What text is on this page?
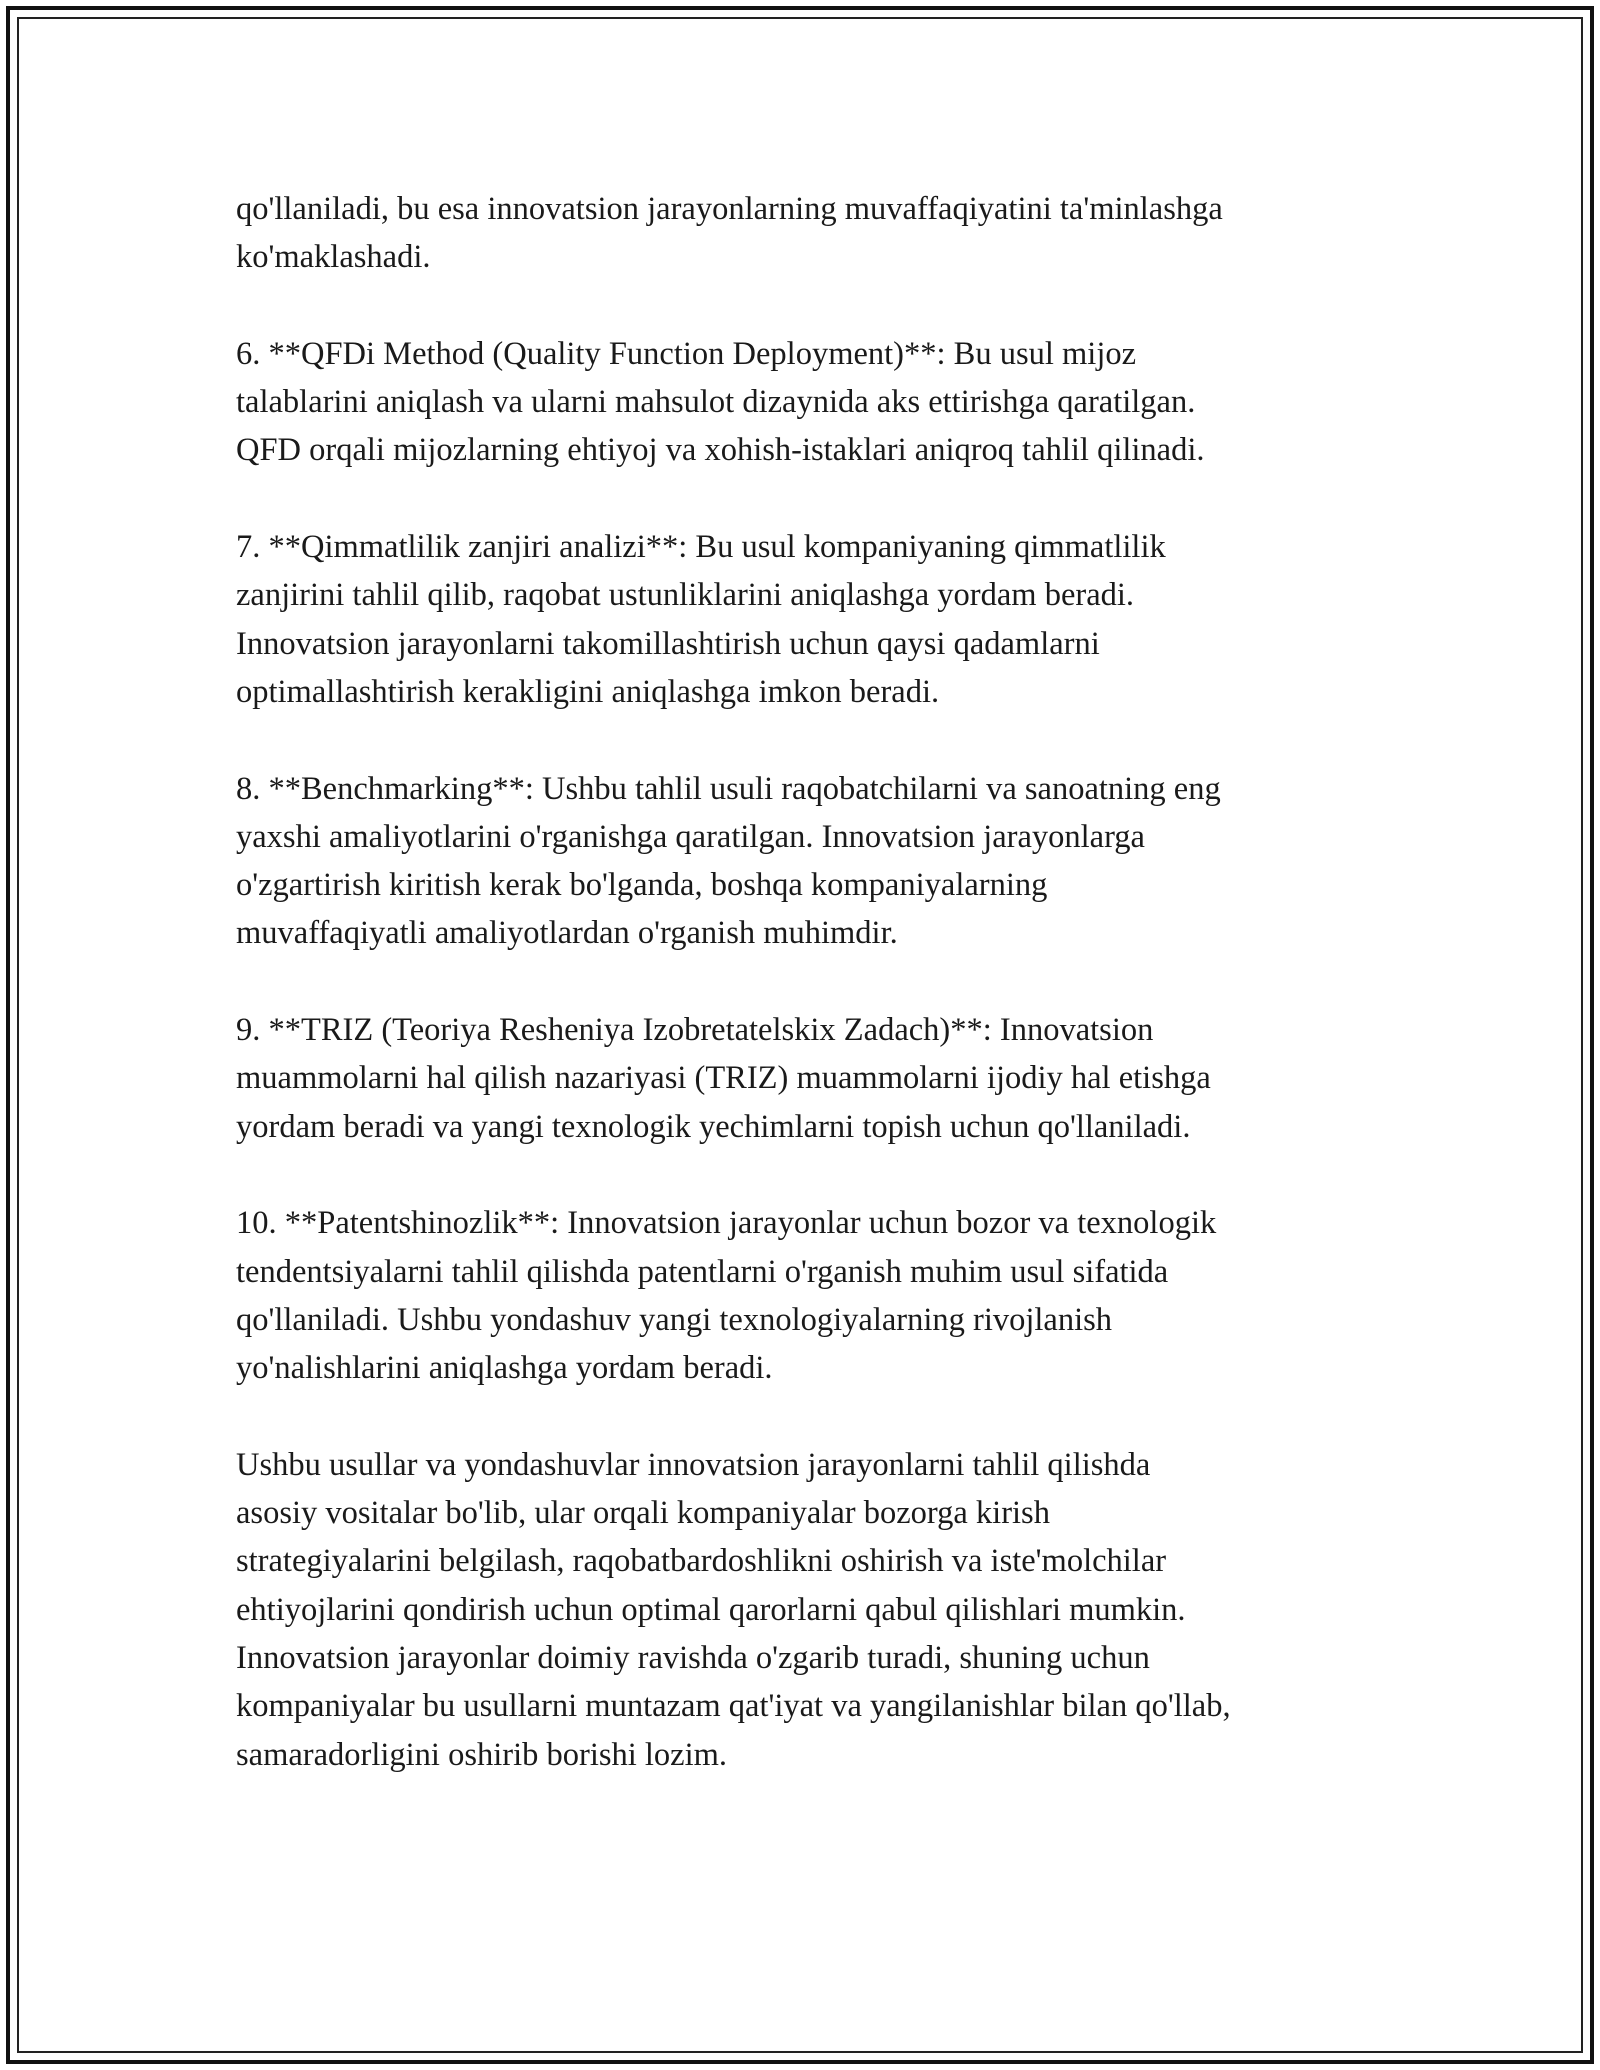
qo'llaniladi, bu esa innovatsion jarayonlarning muvaffaqiyatini ta'minlashga
ko'maklashadi.

6. **QFDi Method (Quality Function Deployment)**: Bu usul mijoz
talablarini aniqlash va ularni mahsulot dizaynida aks ettirishga qaratilgan.
QFD orqali mijozlarning ehtiyoj va xohish-istaklari aniqroq tahlil qilinadi.

7. **Qimmatlilik zanjiri analizi**: Bu usul kompaniyaning qimmatlilik
zanjirini tahlil qilib, raqobat ustunliklarini aniqlashga yordam beradi.
Innovatsion jarayonlarni takomillashtirish uchun qaysi qadamlarni
optimallashtirish kerakligini aniqlashga imkon beradi.

8. **Benchmarking**: Ushbu tahlil usuli raqobatchilarni va sanoatning eng
yaxshi amaliyotlarini o'rganishga qaratilgan. Innovatsion jarayonlarga
o'zgartirish kiritish kerak bo'lganda, boshqa kompaniyalarning
muvaffaqiyatli amaliyotlardan o'rganish muhimdir.

9. **TRIZ (Teoriya Resheniya Izobretatelskix Zadach)**: Innovatsion
muammolarni hal qilish nazariyasi (TRIZ) muammolarni ijodiy hal etishga
yordam beradi va yangi texnologik yechimlarni topish uchun qo'llaniladi.

10. **Patentshinozlik**: Innovatsion jarayonlar uchun bozor va texnologik
tendentsiyalarni tahlil qilishda patentlarni o'rganish muhim usul sifatida
qo'llaniladi. Ushbu yondashuv yangi texnologiyalarning rivojlanish
yo'nalishlarini aniqlashga yordam beradi.

Ushbu usullar va yondashuvlar innovatsion jarayonlarni tahlil qilishda
asosiy vositalar bo'lib, ular orqali kompaniyalar bozorga kirish
strategiyalarini belgilash, raqobatbardoshlikni oshirish va iste'molchilar
ehtiyojlarini qondirish uchun optimal qarorlarni qabul qilishlari mumkin.
Innovatsion jarayonlar doimiy ravishda o'zgarib turadi, shuning uchun
kompaniyalar bu usullarni muntazam qat'iyat va yangilanishlar bilan qo'llab,
samaradorligini oshirib borishi lozim.
